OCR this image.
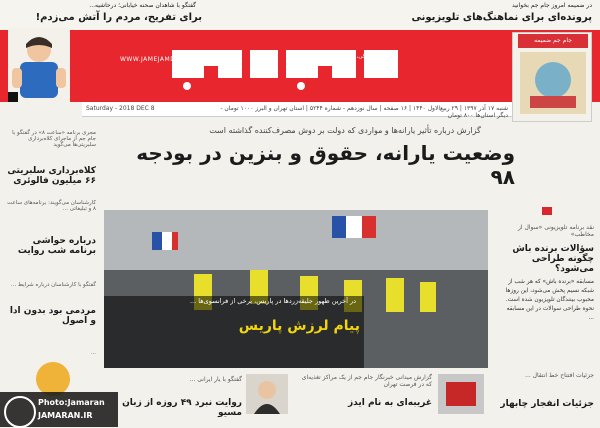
گفتگو با شاهدان صحنه خیابانی؛ درحاشیه...
برای تفریح، مردم را آتش می‌زدم!
در ضمیمه امروز جام جم بخوانید
پرونده‌ای برای نماهنگ‌های تلویزیونی
WWW.JAMEJAMDAILY.IR	روزنامه فرهنگی، اجتماعی صبح ایران
جام جم ضمیمه
Saturday - 2018 DEC 8	شنبه ۱۷ آذر ۱۳۹۷ | ۲۹ ربیع‌الاول ۱۴۴۰ | ۱۶ صفحه | سال نوزدهم - شماره ۵۲۴۴ | استان تهران و البرز ۱۰۰۰ تومان - دیگر استان‌ها ۸۰۰ تومان
مجری برنامه «ساعت ۸» در گفتگو با جام جم از ماجرای کلاه‌برداری سلبریتی‌ها می‌گوید
کلاه‌برداری سلبریتی ۶۶ میلیون فالوئری
کارشناسان می‌گویند: برنامه‌های ساعت ۸ و تبلیغاتی ...
درباره حواشی برنامه شب روایت
گفتگو با کارشناسان درباره شرایط ...
مردمی بود بدون ادا و اصول
...
گزارش درباره تأثیر یارانه‌ها و مواردی که دولت بر دوش مصرف‌کننده گذاشته است
وضعیت یارانه، حقوق و بنزین در بودجه ۹۸
در آخرین ظهور جلیقه‌زردها در پاریس، برخی از فرانسوی‌ها ...
پیام لرزش پاریس
نقد برنامه تلویزیونی «سوال از مخاطب»
سؤالات برنده باش چگونه طراحی می‌شود؟
مسابقه «برنده باش» که هر شب از شبکه نسیم پخش می‌شود، این روزها محبوب بینندگان تلویزیون شده است. نحوه طراحی سوالات در این مسابقه ...
جزئیات افتتاح خط انتقال ...
جزئیات انفجار چابهار
گزارش میدانی خبرنگار جام جم از یک مراکز تغذیه‌ای که در فرصت تهران
غریبه‌ای به نام ایدز
گفتگو با یار ایرانی ...
روایت نبرد ۴۹ روزه از زبان مسیو
Photo:Jamaran
JAMARAN.IR
